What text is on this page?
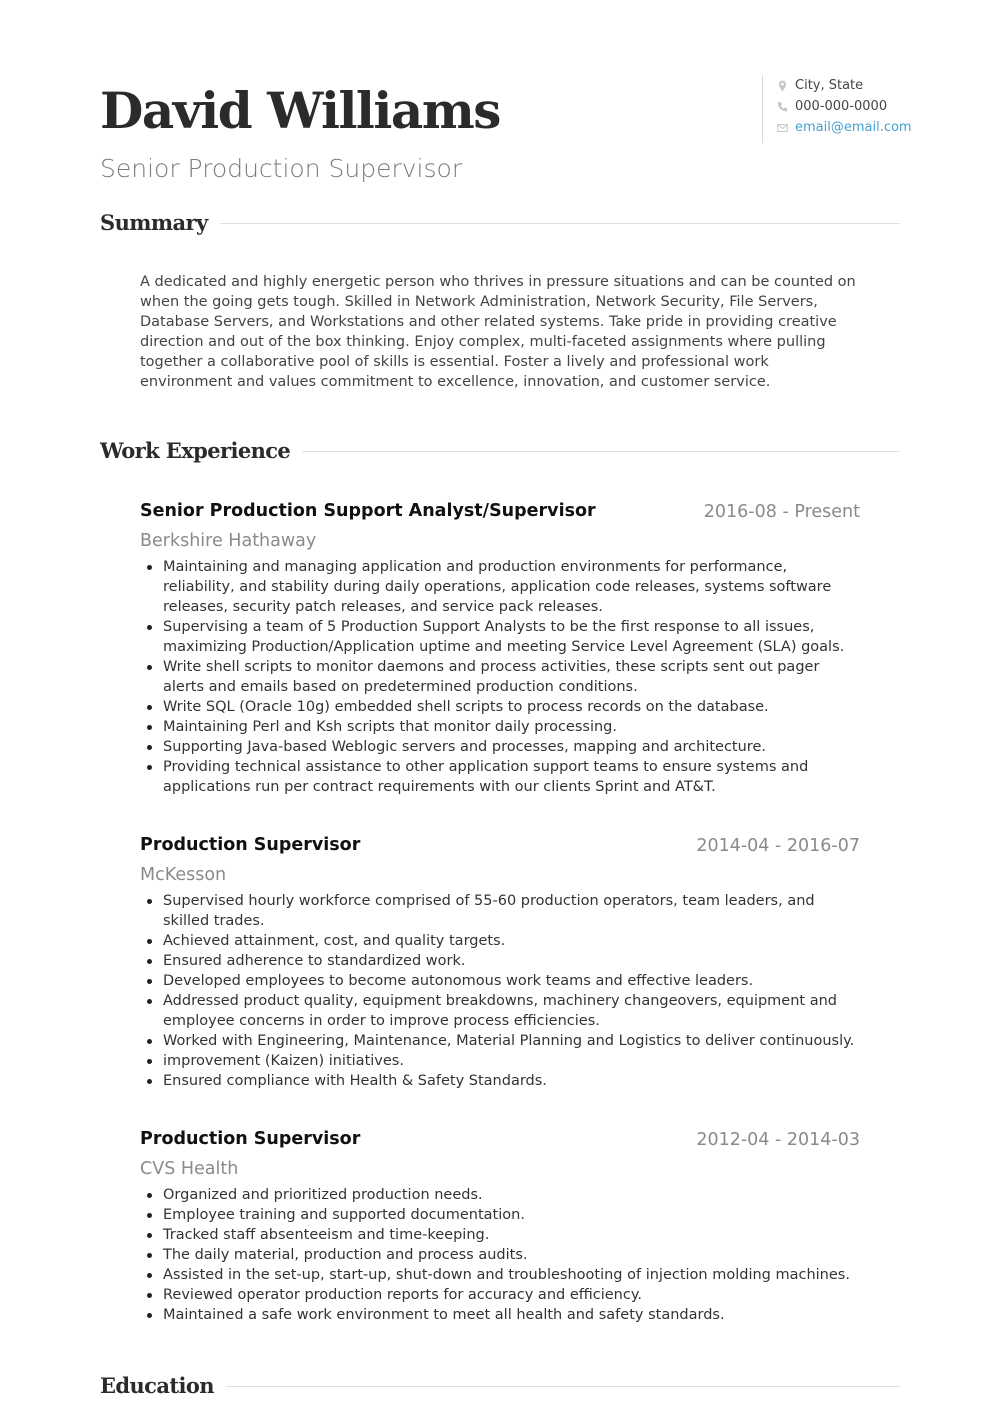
David Williams
Senior Production Supervisor
City, State
000-000-0000
email@email.com
Summary
A dedicated and highly energetic person who thrives in pressure situations and can be counted on when the going gets tough. Skilled in Network Administration, Network Security, File Servers, Database Servers, and Workstations and other related systems. Take pride in providing creative direction and out of the box thinking. Enjoy complex, multi-faceted assignments where pulling together a collaborative pool of skills is essential. Foster a lively and professional work environment and values commitment to excellence, innovation, and customer service.
Work Experience
Senior Production Support Analyst/Supervisor	2016-08 - Present
Berkshire Hathaway
Maintaining and managing application and production environments for performance, reliability, and stability during daily operations, application code releases, systems software releases, security patch releases, and service pack releases.
Supervising a team of 5 Production Support Analysts to be the first response to all issues, maximizing Production/Application uptime and meeting Service Level Agreement (SLA) goals.
Write shell scripts to monitor daemons and process activities, these scripts sent out pager alerts and emails based on predetermined production conditions.
Write SQL (Oracle 10g) embedded shell scripts to process records on the database.
Maintaining Perl and Ksh scripts that monitor daily processing.
Supporting Java-based Weblogic servers and processes, mapping and architecture.
Providing technical assistance to other application support teams to ensure systems and applications run per contract requirements with our clients Sprint and AT&T.
Production Supervisor	2014-04 - 2016-07
McKesson
Supervised hourly workforce comprised of 55-60 production operators, team leaders, and skilled trades.
Achieved attainment, cost, and quality targets.
Ensured adherence to standardized work.
Developed employees to become autonomous work teams and effective leaders.
Addressed product quality, equipment breakdowns, machinery changeovers, equipment and employee concerns in order to improve process efficiencies.
Worked with Engineering, Maintenance, Material Planning and Logistics to deliver continuously.
improvement (Kaizen) initiatives.
Ensured compliance with Health & Safety Standards.
Production Supervisor	2012-04 - 2014-03
CVS Health
Organized and prioritized production needs.
Employee training and supported documentation.
Tracked staff absenteeism and time-keeping.
The daily material, production and process audits.
Assisted in the set-up, start-up, shut-down and troubleshooting of injection molding machines.
Reviewed operator production reports for accuracy and efficiency.
Maintained a safe work environment to meet all health and safety standards.
Education
